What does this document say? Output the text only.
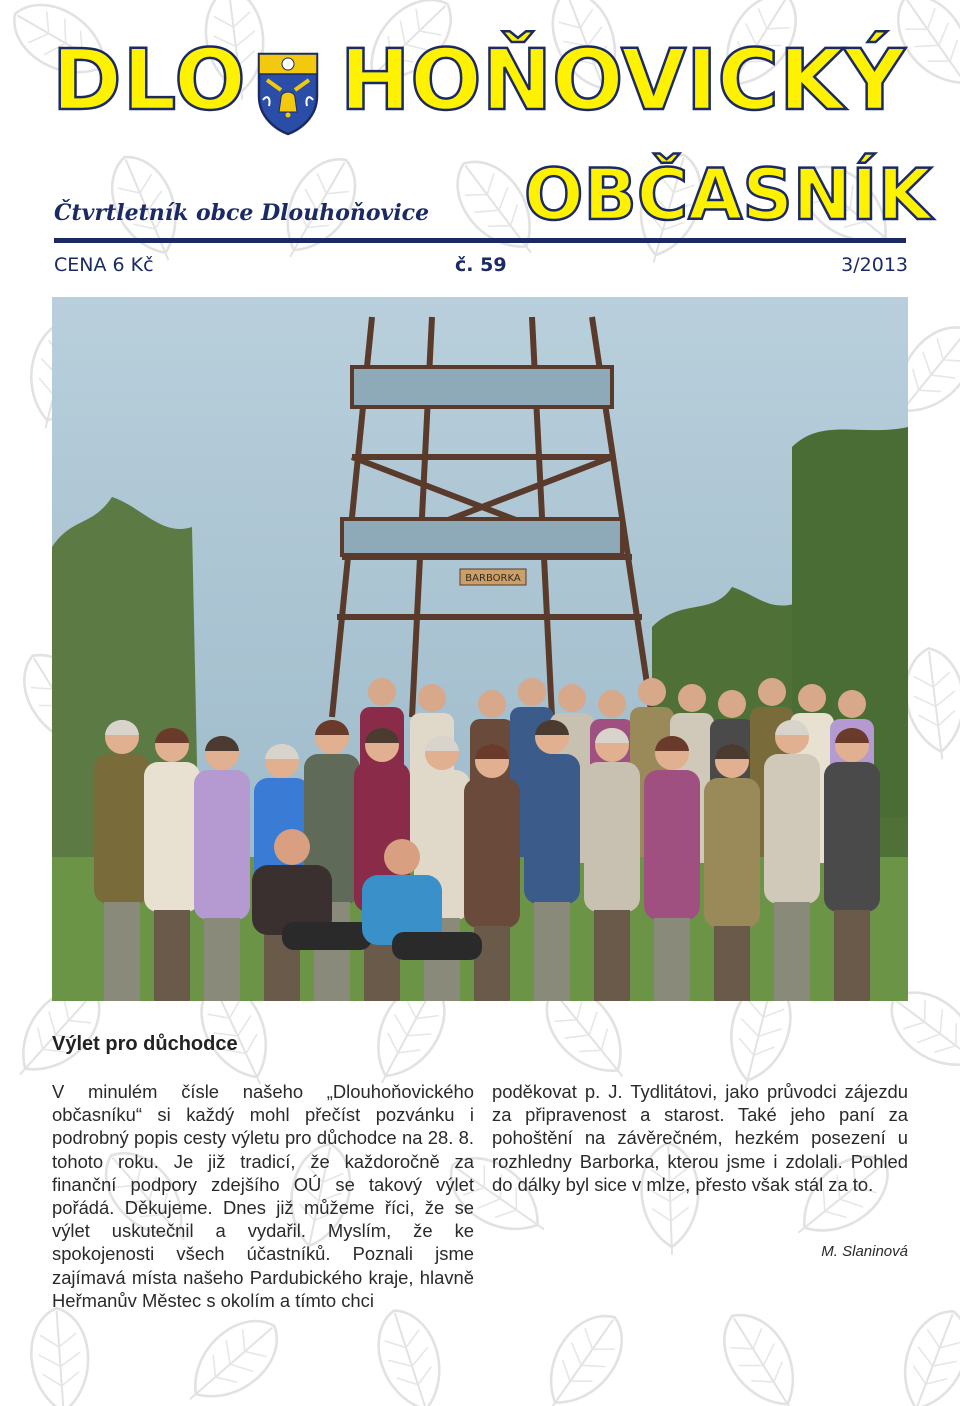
DLO HOŇOVICKÝ
Čtvrtletník obce Dlouhoňovice OBČASNÍK
CENA 6 Kč	č. 59	3/2013
BARBORKA
Výlet pro důchodce
V minulém čísle našeho „Dlouhoňovického občasníku“ si každý mohl přečíst pozvánku i podrobný popis cesty výletu pro důchodce na 28. 8. tohoto roku. Je již tradicí, že každoročně za finanční podpory zdejšího OÚ se takový výlet pořádá. Děkujeme. Dnes již můžeme říci, že se výlet uskutečnil a vydařil. Myslím, že ke spokojenosti všech účastníků. Poznali jsme zajímavá místa našeho Pardubického kraje, hlavně Heřmanův Městec s okolím a tímto chci
poděkovat p. J. Tydlitátovi, jako průvodci zájezdu za připravenost a starost. Také jeho paní za pohoštění na závěrečném, hezkém posezení u rozhledny Barborka, kterou jsme i zdolali. Pohled do dálky byl sice v mlze, přesto však stál za to.
M. Slaninová
